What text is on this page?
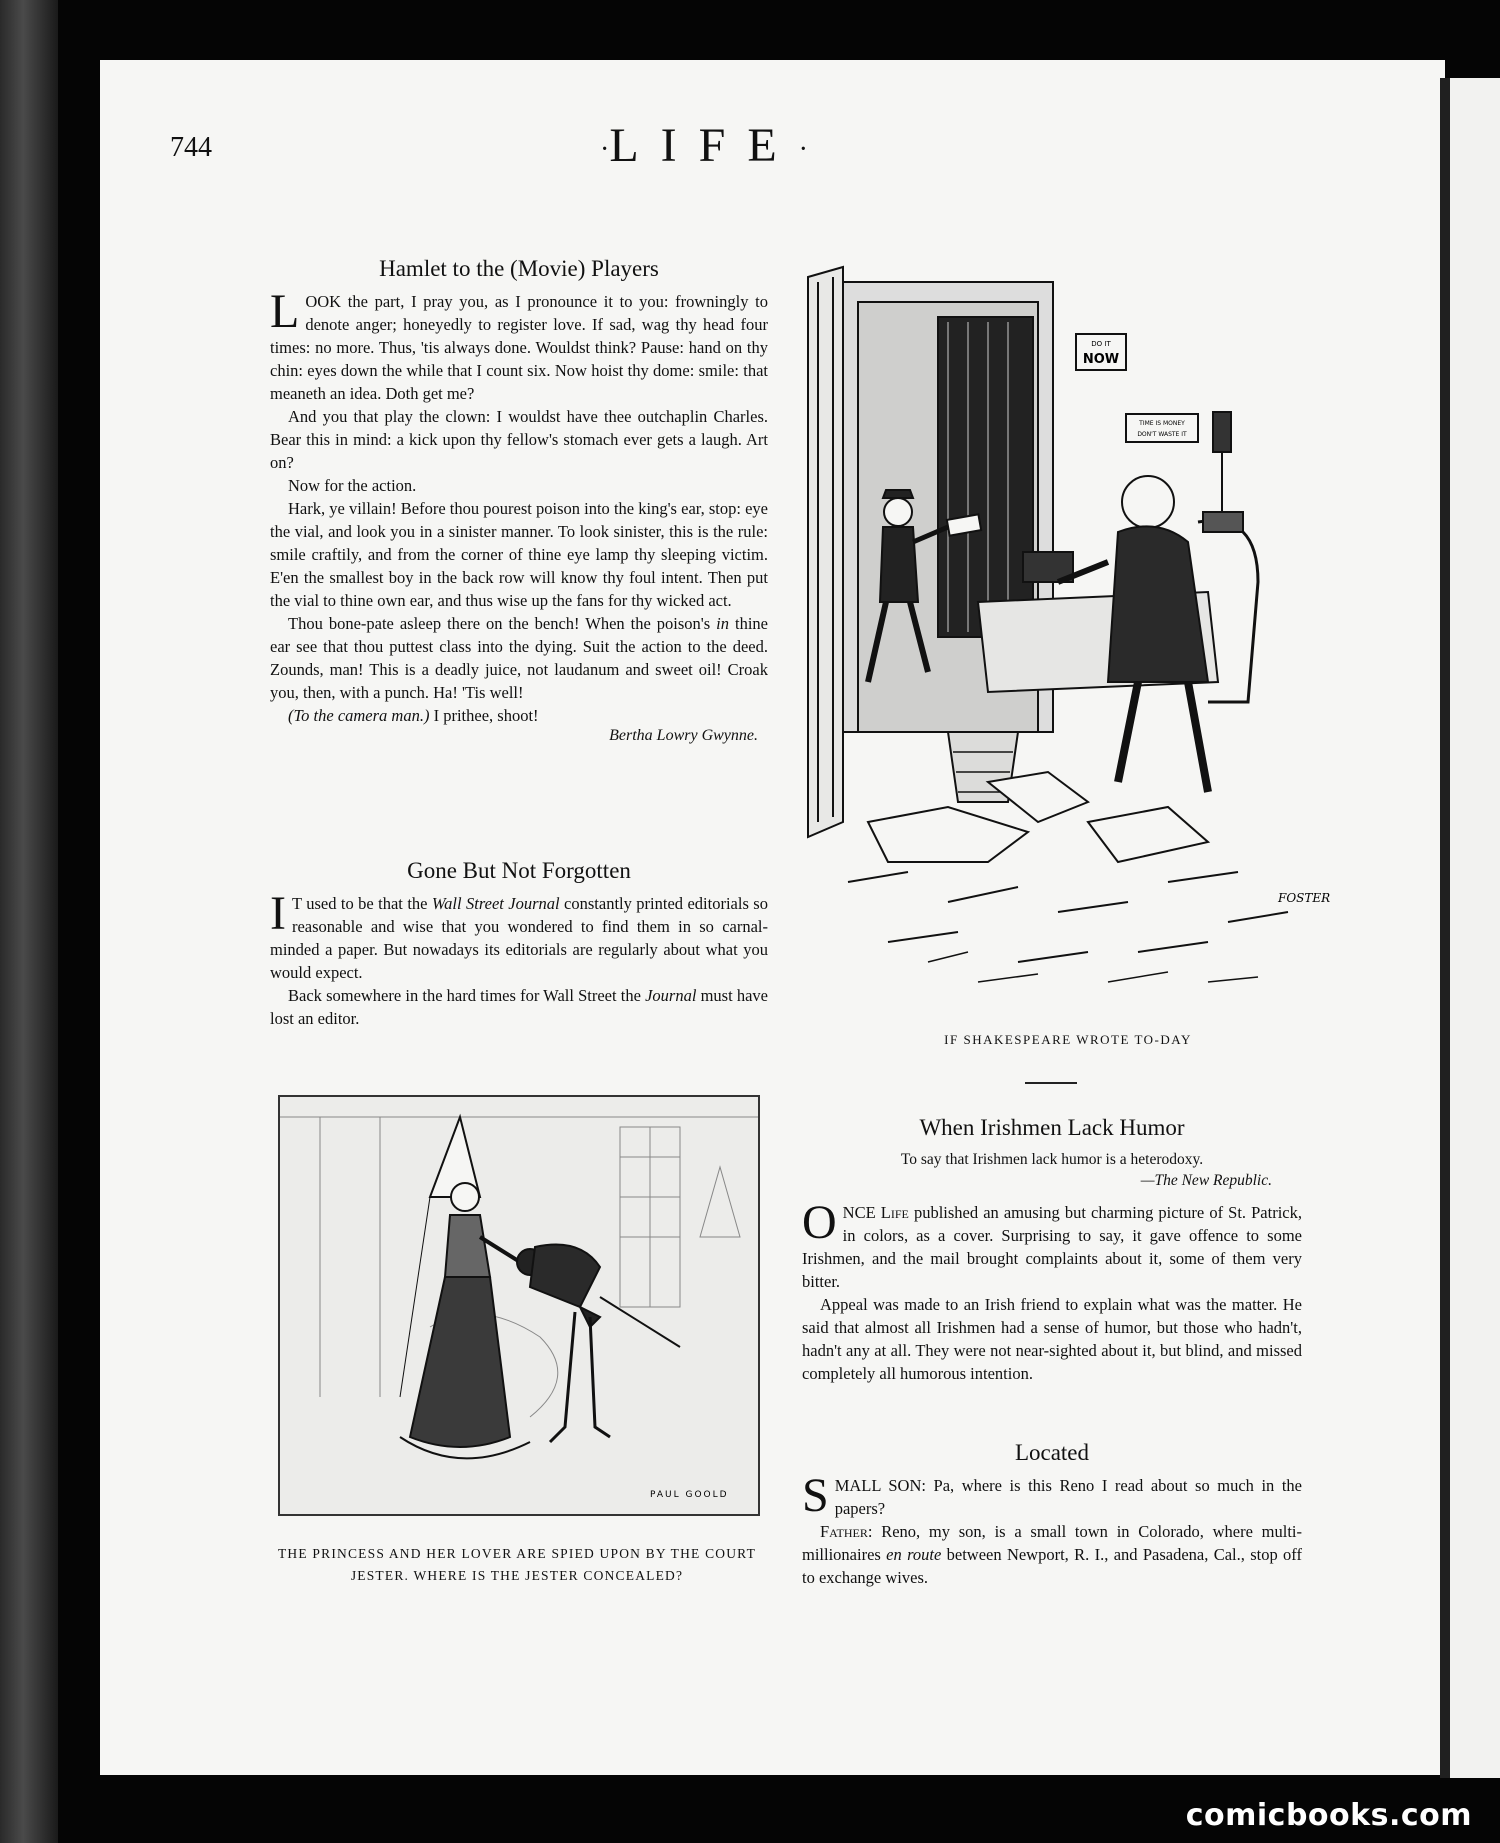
744	·LIFE·
Hamlet to the (Movie) Players

LOOK the part, I pray you, as I pronounce it to you: frowningly to denote anger; honeyedly to register love. If sad, wag thy head four times: no more. Thus, 'tis always done. Wouldst think? Pause: hand on thy chin: eyes down the while that I count six. Now hoist thy dome: smile: that meaneth an idea. Doth get me?

And you that play the clown: I wouldst have thee outchaplin Charles. Bear this in mind: a kick upon thy fellow's stomach ever gets a laugh. Art on?

Now for the action.

Hark, ye villain! Before thou pourest poison into the king's ear, stop: eye the vial, and look you in a sinister manner. To look sinister, this is the rule: smile craftily, and from the corner of thine eye lamp thy sleeping victim. E'en the smallest boy in the back row will know thy foul intent. Then put the vial to thine own ear, and thus wise up the fans for thy wicked act.

Thou bone-pate asleep there on the bench! When the poison's in thine ear see that thou puttest class into the dying. Suit the action to the deed. Zounds, man! This is a deadly juice, not laudanum and sweet oil! Croak you, then, with a punch. Ha! 'Tis well!

(To the camera man.) I prithee, shoot!

Bertha Lowry Gwynne.

Gone But Not Forgotten

I T used to be that the Wall Street Journal constantly printed editorials so reasonable and wise that you wondered to find them in so carnal-minded a paper. But nowadays its editorials are regularly about what you would expect.

Back somewhere in the hard times for Wall Street the Journal must have lost an editor.

DO IT
NOW
TIME IS MONEY
DON'T WASTE IT
FOSTER
IF SHAKESPEARE WROTE TO-DAY
When Irishmen Lack Humor
To say that Irishmen lack humor is a heterodoxy.
—The New Republic.

ONCE Life published an amusing but charming picture of St. Patrick, in colors, as a cover. Surprising to say, it gave offence to some Irishmen, and the mail brought complaints about it, some of them very bitter.

Appeal was made to an Irish friend to explain what was the matter. He said that almost all Irishmen had a sense of humor, but those who hadn't, hadn't any at all. They were not near-sighted about it, but blind, and missed completely all humorous intention.

Located

SMALL SON: Pa, where is this Reno I read about so much in the papers?

Father: Reno, my son, is a small town in Colorado, where multi-millionaires en route between Newport, R. I., and Pasadena, Cal., stop off to exchange wives.

PAUL GOOLD
THE PRINCESS AND HER LOVER ARE SPIED UPON BY THE COURT JESTER. WHERE IS THE JESTER CONCEALED?
comicbooks.com
